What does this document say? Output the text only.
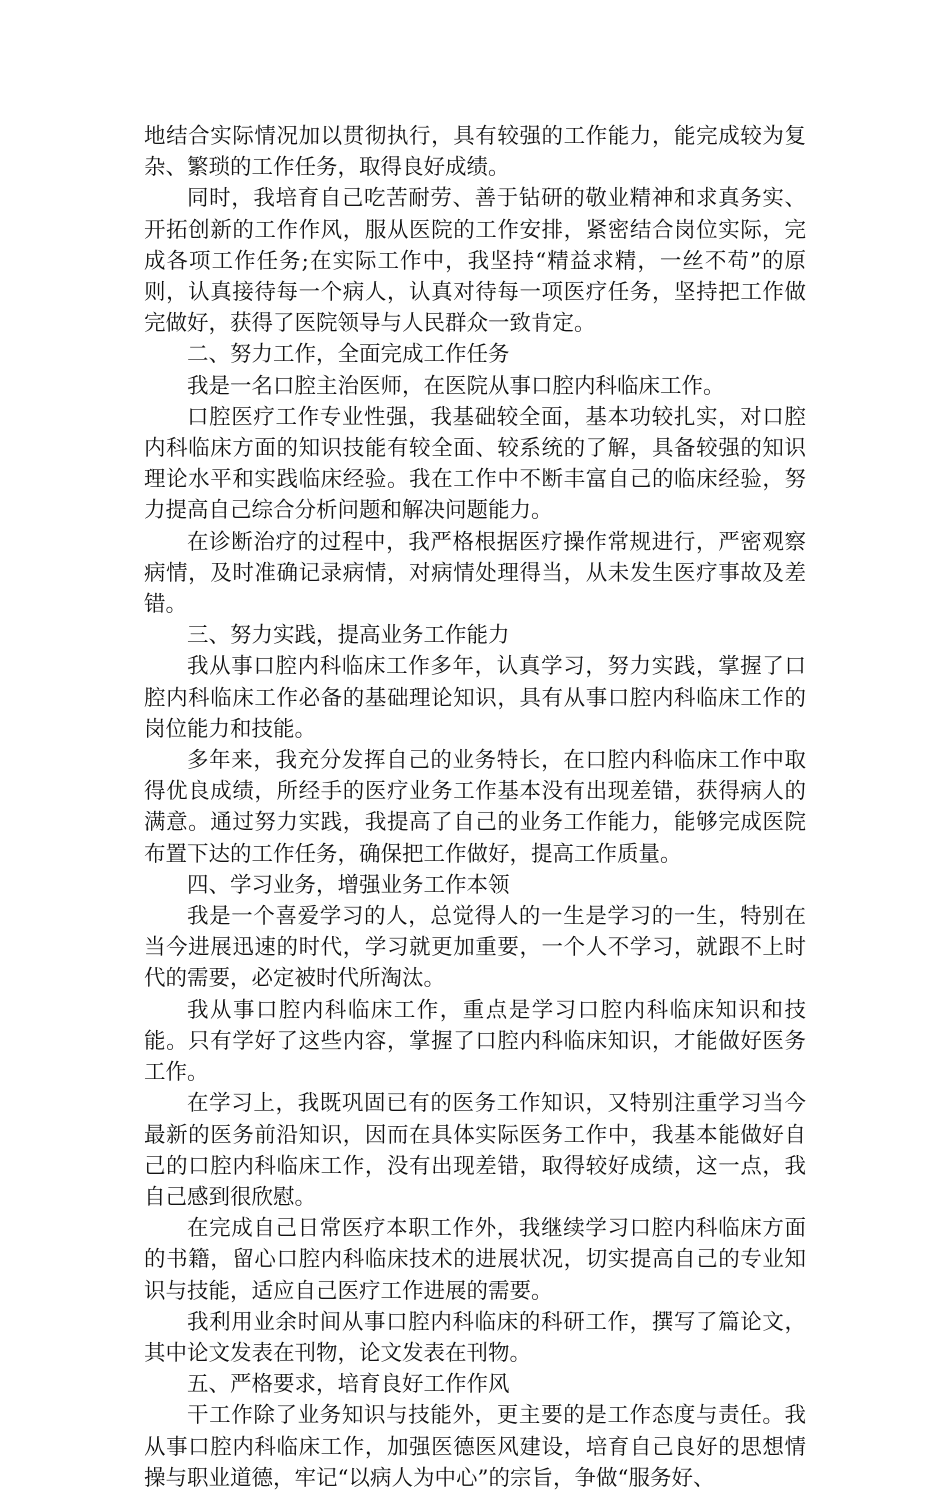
地结合实际情况加以贯彻执行，具有较强的工作能力，能完成较为复杂、繁琐的工作任务，取得良好成绩。

同时，我培育自己吃苦耐劳、善于钻研的敬业精神和求真务实、开拓创新的工作作风，服从医院的工作安排，紧密结合岗位实际，完成各项工作任务;在实际工作中，我坚持“精益求精，一丝不苟”的原则，认真接待每一个病人，认真对待每一项医疗任务，坚持把工作做完做好，获得了医院领导与人民群众一致肯定。

二、努力工作，全面完成工作任务

我是一名口腔主治医师，在医院从事口腔内科临床工作。

口腔医疗工作专业性强，我基础较全面，基本功较扎实，对口腔内科临床方面的知识技能有较全面、较系统的了解，具备较强的知识理论水平和实践临床经验。我在工作中不断丰富自己的临床经验，努力提高自己综合分析问题和解决问题能力。

在诊断治疗的过程中，我严格根据医疗操作常规进行，严密观察病情，及时准确记录病情，对病情处理得当，从未发生医疗事故及差错。

三、努力实践，提高业务工作能力

我从事口腔内科临床工作多年，认真学习，努力实践，掌握了口腔内科临床工作必备的基础理论知识，具有从事口腔内科临床工作的岗位能力和技能。

多年来，我充分发挥自己的业务特长，在口腔内科临床工作中取得优良成绩，所经手的医疗业务工作基本没有出现差错，获得病人的满意。通过努力实践，我提高了自己的业务工作能力，能够完成医院布置下达的工作任务，确保把工作做好，提高工作质量。

四、学习业务，增强业务工作本领

我是一个喜爱学习的人，总觉得人的一生是学习的一生，特别在当今进展迅速的时代，学习就更加重要，一个人不学习，就跟不上时代的需要，必定被时代所淘汰。

我从事口腔内科临床工作，重点是学习口腔内科临床知识和技能。只有学好了这些内容，掌握了口腔内科临床知识，才能做好医务工作。

在学习上，我既巩固已有的医务工作知识，又特别注重学习当今最新的医务前沿知识，因而在具体实际医务工作中，我基本能做好自己的口腔内科临床工作，没有出现差错，取得较好成绩，这一点，我自己感到很欣慰。

在完成自己日常医疗本职工作外，我继续学习口腔内科临床方面的书籍，留心口腔内科临床技术的进展状况，切实提高自己的专业知识与技能，适应自己医疗工作进展的需要。

我利用业余时间从事口腔内科临床的科研工作，撰写了篇论文，其中论文发表在刊物，论文发表在刊物。

五、严格要求，培育良好工作作风

干工作除了业务知识与技能外，更主要的是工作态度与责任。我从事口腔内科临床工作，加强医德医风建设，培育自己良好的思想情操与职业道德，牢记“以病人为中心”的宗旨，争做“服务好、
